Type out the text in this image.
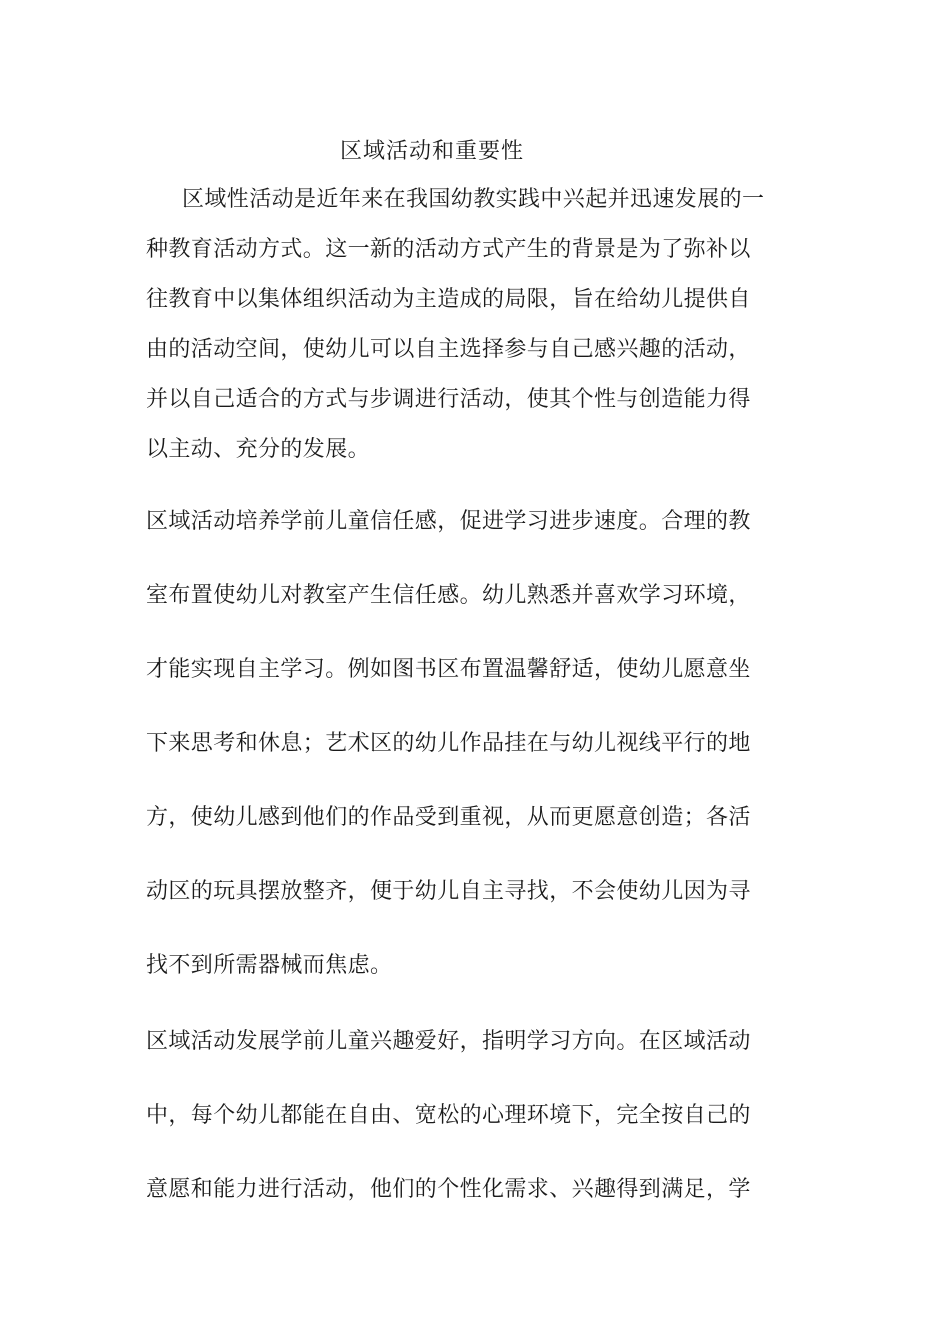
区域活动和重要性
区域性活动是近年来在我国幼教实践中兴起并迅速发展的一
种教育活动方式。这一新的活动方式产生的背景是为了弥补以
往教育中以集体组织活动为主造成的局限，旨在给幼儿提供自
由的活动空间，使幼儿可以自主选择参与自己感兴趣的活动，
并以自己适合的方式与步调进行活动，使其个性与创造能力得
以主动、充分的发展。
区域活动培养学前儿童信任感，促进学习进步速度。合理的教
室布置使幼儿对教室产生信任感。幼儿熟悉并喜欢学习环境，
才能实现自主学习。例如图书区布置温馨舒适，使幼儿愿意坐
下来思考和休息；艺术区的幼儿作品挂在与幼儿视线平行的地
方，使幼儿感到他们的作品受到重视，从而更愿意创造；各活
动区的玩具摆放整齐，便于幼儿自主寻找，不会使幼儿因为寻
找不到所需器械而焦虑。
区域活动发展学前儿童兴趣爱好，指明学习方向。在区域活动
中，每个幼儿都能在自由、宽松的心理环境下，完全按自己的
意愿和能力进行活动，他们的个性化需求、兴趣得到满足，学
